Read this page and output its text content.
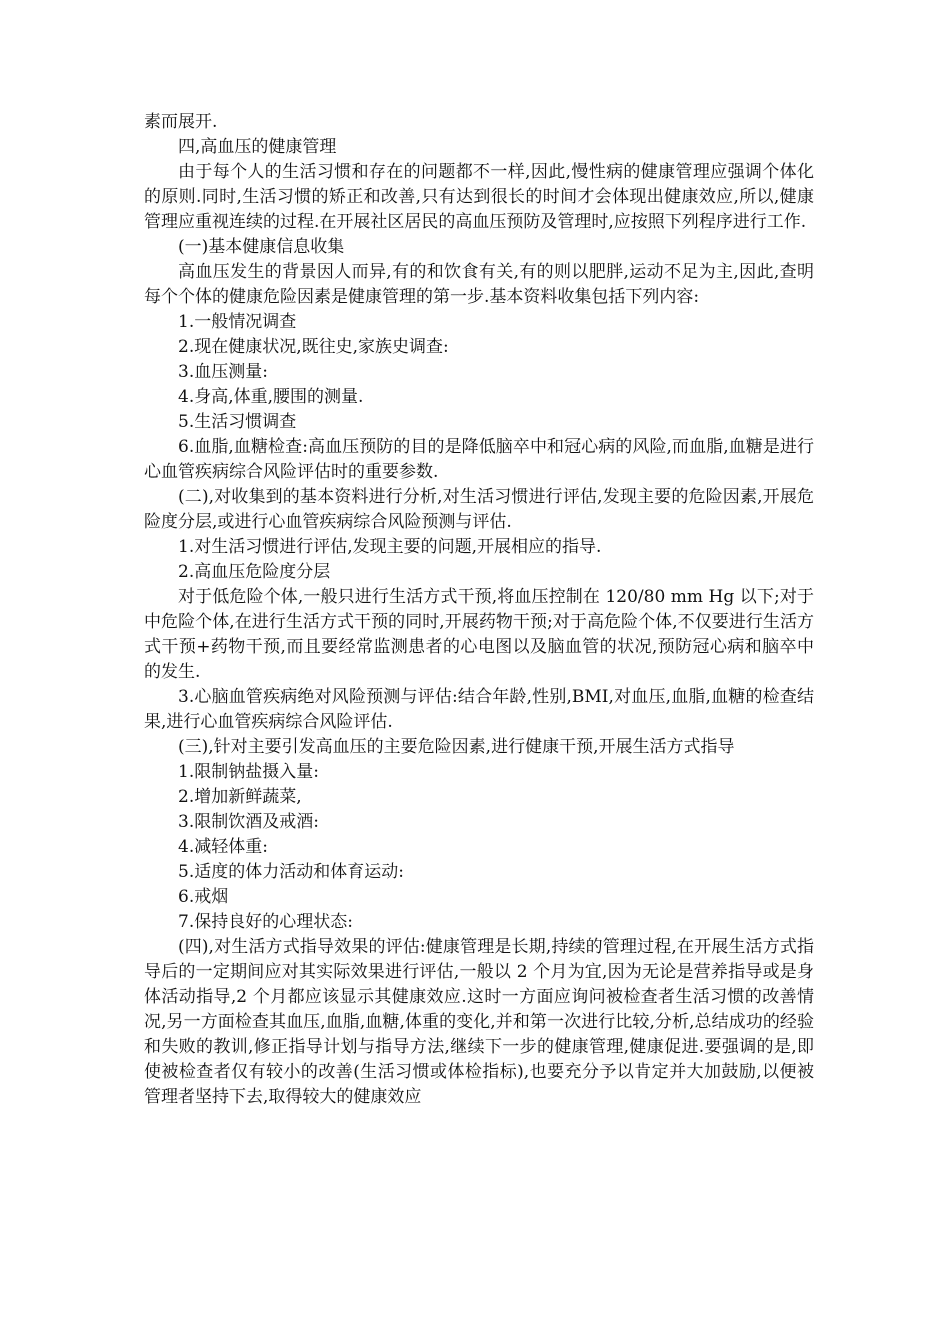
素而展开.

四,高血压的健康管理

由于每个人的生活习惯和存在的问题都不一样,因此,慢性病的健康管理应强调个体化的原则.同时,生活习惯的矫正和改善,只有达到很长的时间才会体现出健康效应,所以,健康管理应重视连续的过程.在开展社区居民的高血压预防及管理时,应按照下列程序进行工作.

(一)基本健康信息收集

高血压发生的背景因人而异,有的和饮食有关,有的则以肥胖,运动不足为主,因此,查明每个个体的健康危险因素是健康管理的第一步.基本资料收集包括下列内容:

1.一般情况调查

2.现在健康状况,既往史,家族史调查:

3.血压测量:

4.身高,体重,腰围的测量.

5.生活习惯调查

6.血脂,血糖检查:高血压预防的目的是降低脑卒中和冠心病的风险,而血脂,血糖是进行心血管疾病综合风险评估时的重要参数.

(二),对收集到的基本资料进行分析,对生活习惯进行评估,发现主要的危险因素,开展危险度分层,或进行心血管疾病综合风险预测与评估.

1.对生活习惯进行评估,发现主要的问题,开展相应的指导.

2.高血压危险度分层

对于低危险个体,一般只进行生活方式干预,将血压控制在 120/80 mm Hg 以下;对于中危险个体,在进行生活方式干预的同时,开展药物干预;对于高危险个体,不仅要进行生活方式干预+药物干预,而且要经常监测患者的心电图以及脑血管的状况,预防冠心病和脑卒中的发生.

3.心脑血管疾病绝对风险预测与评估:结合年龄,性别,BMI,对血压,血脂,血糖的检查结果,进行心血管疾病综合风险评估.

(三),针对主要引发高血压的主要危险因素,进行健康干预,开展生活方式指导

1.限制钠盐摄入量:

2.增加新鲜蔬菜,

3.限制饮酒及戒酒:

4.减轻体重:

5.适度的体力活动和体育运动:

6.戒烟

7.保持良好的心理状态:

(四),对生活方式指导效果的评估:健康管理是长期,持续的管理过程,在开展生活方式指导后的一定期间应对其实际效果进行评估,一般以 2 个月为宜,因为无论是营养指导或是身体活动指导,2 个月都应该显示其健康效应.这时一方面应询问被检查者生活习惯的改善情况,另一方面检查其血压,血脂,血糖,体重的变化,并和第一次进行比较,分析,总结成功的经验和失败的教训,修正指导计划与指导方法,继续下一步的健康管理,健康促进.要强调的是,即使被检查者仅有较小的改善(生活习惯或体检指标),也要充分予以肯定并大加鼓励,以便被管理者坚持下去,取得较大的健康效应
